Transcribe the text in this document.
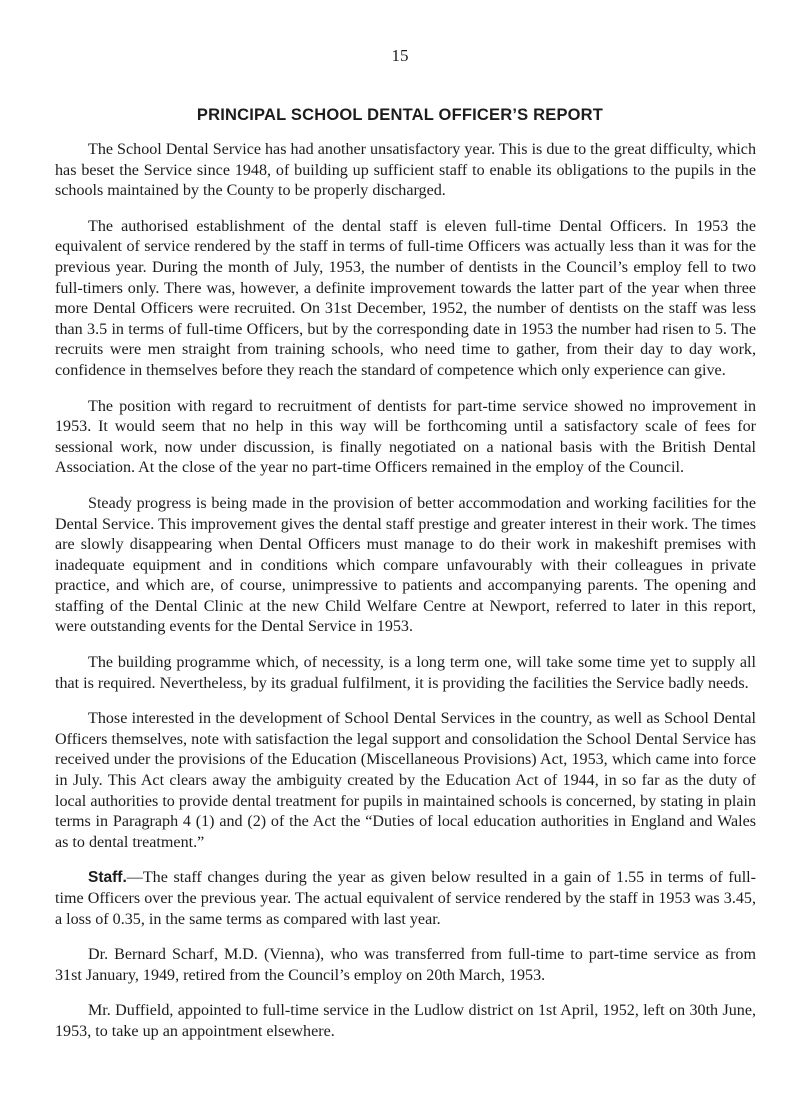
15

PRINCIPAL SCHOOL DENTAL OFFICER’S REPORT

The School Dental Service has had another unsatisfactory year. This is due to the great difficulty, which has beset the Service since 1948, of building up sufficient staff to enable its obligations to the pupils in the schools maintained by the County to be properly discharged.

The authorised establishment of the dental staff is eleven full-time Dental Officers. In 1953 the equivalent of service rendered by the staff in terms of full-time Officers was actually less than it was for the previous year. During the month of July, 1953, the number of dentists in the Council’s employ fell to two full-timers only. There was, however, a definite improvement towards the latter part of the year when three more Dental Officers were recruited. On 31st December, 1952, the number of dentists on the staff was less than 3.5 in terms of full-time Officers, but by the corresponding date in 1953 the number had risen to 5. The recruits were men straight from training schools, who need time to gather, from their day to day work, confidence in themselves before they reach the standard of competence which only experience can give.

The position with regard to recruitment of dentists for part-time service showed no improvement in 1953. It would seem that no help in this way will be forthcoming until a satisfactory scale of fees for sessional work, now under discussion, is finally negotiated on a national basis with the British Dental Association. At the close of the year no part-time Officers remained in the employ of the Council.

Steady progress is being made in the provision of better accommodation and working facilities for the Dental Service. This improvement gives the dental staff prestige and greater interest in their work. The times are slowly disappearing when Dental Officers must manage to do their work in makeshift premises with inadequate equipment and in conditions which compare unfavourably with their colleagues in private practice, and which are, of course, unimpressive to patients and accompanying parents. The opening and staffing of the Dental Clinic at the new Child Welfare Centre at Newport, referred to later in this report, were outstanding events for the Dental Service in 1953.

The building programme which, of necessity, is a long term one, will take some time yet to supply all that is required. Nevertheless, by its gradual fulfilment, it is providing the facilities the Service badly needs.

Those interested in the development of School Dental Services in the country, as well as School Dental Officers themselves, note with satisfaction the legal support and consolidation the School Dental Service has received under the provisions of the Education (Miscellaneous Provisions) Act, 1953, which came into force in July. This Act clears away the ambiguity created by the Education Act of 1944, in so far as the duty of local authorities to provide dental treatment for pupils in maintained schools is concerned, by stating in plain terms in Paragraph 4 (1) and (2) of the Act the “Duties of local education authorities in England and Wales as to dental treatment.”

Staff.—The staff changes during the year as given below resulted in a gain of 1.55 in terms of full-time Officers over the previous year. The actual equivalent of service rendered by the staff in 1953 was 3.45, a loss of 0.35, in the same terms as compared with last year.

Dr. Bernard Scharf, M.D. (Vienna), who was transferred from full-time to part-time service as from 31st January, 1949, retired from the Council’s employ on 20th March, 1953.

Mr. Duffield, appointed to full-time service in the Ludlow district on 1st April, 1952, left on 30th June, 1953, to take up an appointment elsewhere.
